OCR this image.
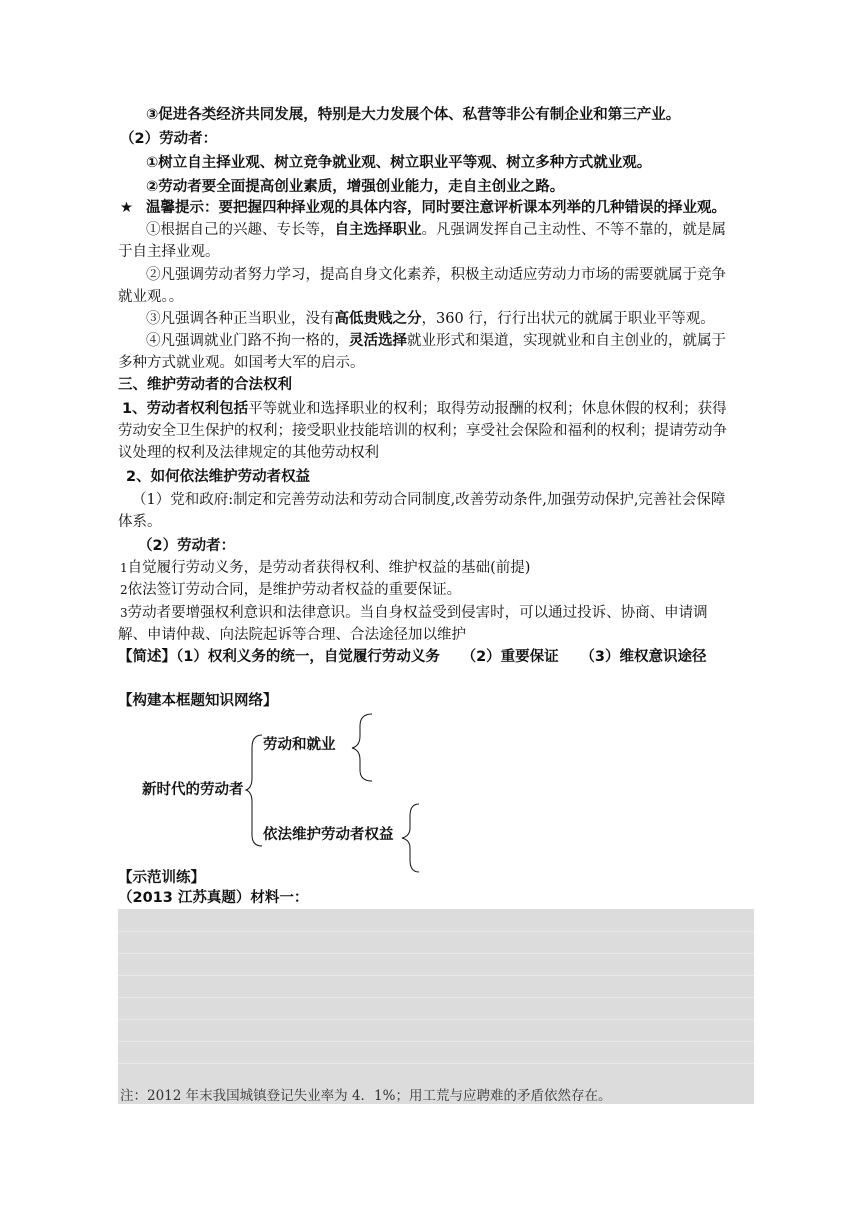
③促进各类经济共同发展，特别是大力发展个体、私营等非公有制企业和第三产业。
（2）劳动者：
①树立自主择业观、树立竞争就业观、树立职业平等观、树立多种方式就业观。
②劳动者要全面提高创业素质，增强创业能力，走自主创业之路。
★ 温馨提示：要把握四种择业观的具体内容，同时要注意评析课本列举的几种错误的择业观。
①根据自己的兴趣、专长等，自主选择职业。凡强调发挥自己主动性、不等不靠的，就是属
于自主择业观。
②凡强调劳动者努力学习，提高自身文化素养，积极主动适应劳动力市场的需要就属于竞争
就业观。。
③凡强调各种正当职业，没有高低贵贱之分，360 行，行行出状元的就属于职业平等观。
④凡强调就业门路不拘一格的，灵活选择就业形式和渠道，实现就业和自主创业的，就属于
多种方式就业观。如国考大军的启示。
三、维护劳动者的合法权利
1、劳动者权利包括平等就业和选择职业的权利；取得劳动报酬的权利；休息休假的权利；获得
劳动安全卫生保护的权利；接受职业技能培训的权利；享受社会保险和福利的权利；提请劳动争
议处理的权利及法律规定的其他劳动权利
2、如何依法维护劳动者权益
（1）党和政府:制定和完善劳动法和劳动合同制度,改善劳动条件,加强劳动保护,完善社会保障
体系。
（2）劳动者：
1自觉履行劳动义务，是劳动者获得权利、维护权益的基础(前提)
2依法签订劳动合同，是维护劳动者权益的重要保证。
3劳动者要增强权利意识和法律意识。当自身权益受到侵害时，可以通过投诉、协商、申请调
解、申请仲裁、向法院起诉等合理、合法途径加以维护
【简述】（1）权利义务的统一，自觉履行劳动义务　　（2）重要保证　　（3）维权意识途径
【构建本框题知识网络】
劳动和就业
新时代的劳动者
依法维护劳动者权益
【示范训练】
（2013 江苏真题）材料一：
注：2012 年末我国城镇登记失业率为 4．1%；用工荒与应聘难的矛盾依然存在。
